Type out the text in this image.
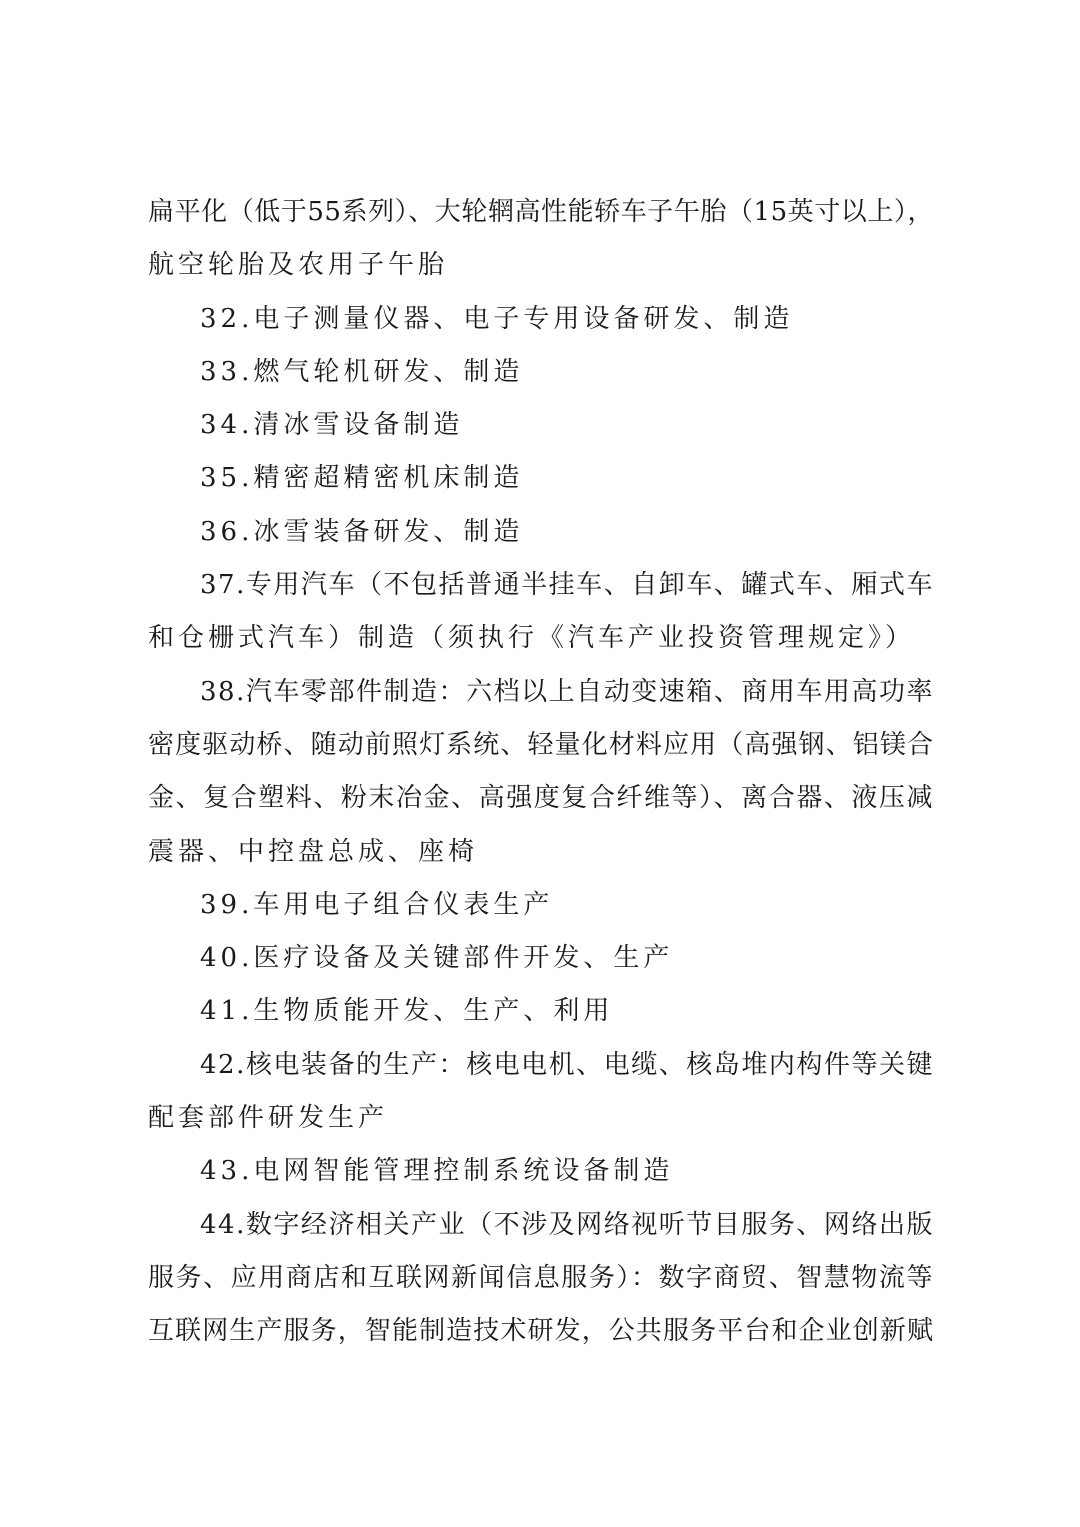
扁平化（低于55系列）、大轮辋高性能轿车子午胎（15英寸以上），
航空轮胎及农用子午胎
32.电子测量仪器、电子专用设备研发、制造
33.燃气轮机研发、制造
34.清冰雪设备制造
35.精密超精密机床制造
36.冰雪装备研发、制造
37.专用汽车（不包括普通半挂车、自卸车、罐式车、厢式车
和仓栅式汽车）制造（须执行《汽车产业投资管理规定》）
38.汽车零部件制造：六档以上自动变速箱、商用车用高功率
密度驱动桥、随动前照灯系统、轻量化材料应用（高强钢、铝镁合
金、复合塑料、粉末冶金、高强度复合纤维等）、离合器、液压减
震器、中控盘总成、座椅
39.车用电子组合仪表生产
40.医疗设备及关键部件开发、生产
41.生物质能开发、生产、利用
42.核电装备的生产：核电电机、电缆、核岛堆内构件等关键
配套部件研发生产
43.电网智能管理控制系统设备制造
44.数字经济相关产业（不涉及网络视听节目服务、网络出版
服务、应用商店和互联网新闻信息服务）：数字商贸、智慧物流等
互联网生产服务，智能制造技术研发，公共服务平台和企业创新赋
